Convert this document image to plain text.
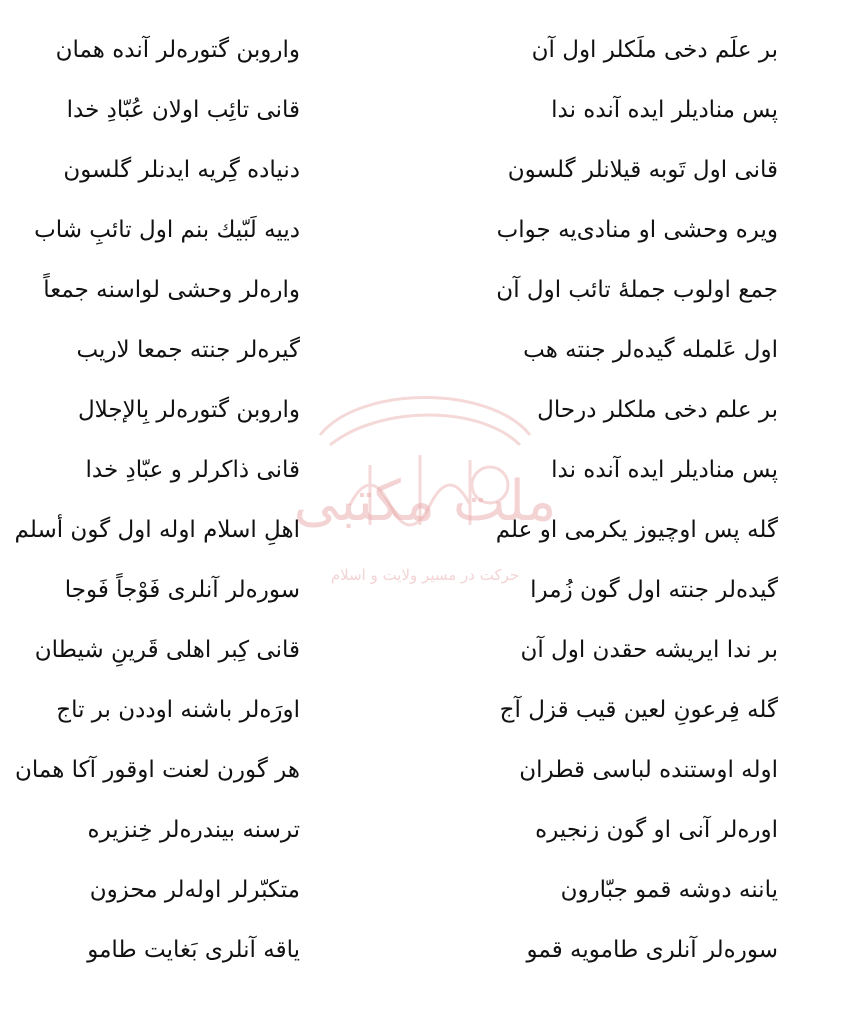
ملت مکتبی
حرکت در مسیر ولایت و اسلام
بر علَم دخی ملَکلر اول آن
واروبن گتورەلر آنده همان
پس منادیلر ایده آنده ندا
قانی تائِب اولان عُبّادِ خدا
قانی اول تَوبه قیلانلر گلسون
دنیاده گِریه ایدنلر گلسون
ویره وحشی او منادی‌یه جواب
دییه لَبّیك بنم اول تائبِ شاب
جمع اولوب جملهٔ تائب اول آن
وارەلر وحشی لواسنه جمعاً
اول عَلمله گیدەلر جنته هب
گیرەلر جنته جمعا لاریب
بر علم دخی ملکلر درحال
واروبن گتورەلر بِالإجلال
پس منادیلر ایده آنده ندا
قانی ذاکرلر و عبّادِ خدا
گله پس اوچیوز یکرمی او علم
اهلِ اسلام اوله اول گون أسلم
گیدەلر جنته اول گون زُمرا
سورەلر آنلری فَوْجاً فَوجا
بر ندا ایریشه حقدن اول آن
قانی کِبر اهلی قَرینِ شیطان
گله فِرعونِ لعین قیب قزل آج
اورَەلر باشنه اوددن بر تاج
اوله اوستنده لباسی قطران
هر گورن لعنت اوقور آکا همان
اورەلر آنی او گون زنجیره
ترسنه بیندرەلر خِنزیره
یاننه دوشه قمو جبّارون
متکبّرلر اولەلر محزون
سورەلر آنلری طامویه قمو
یاقه آنلری بَغایت طامو
